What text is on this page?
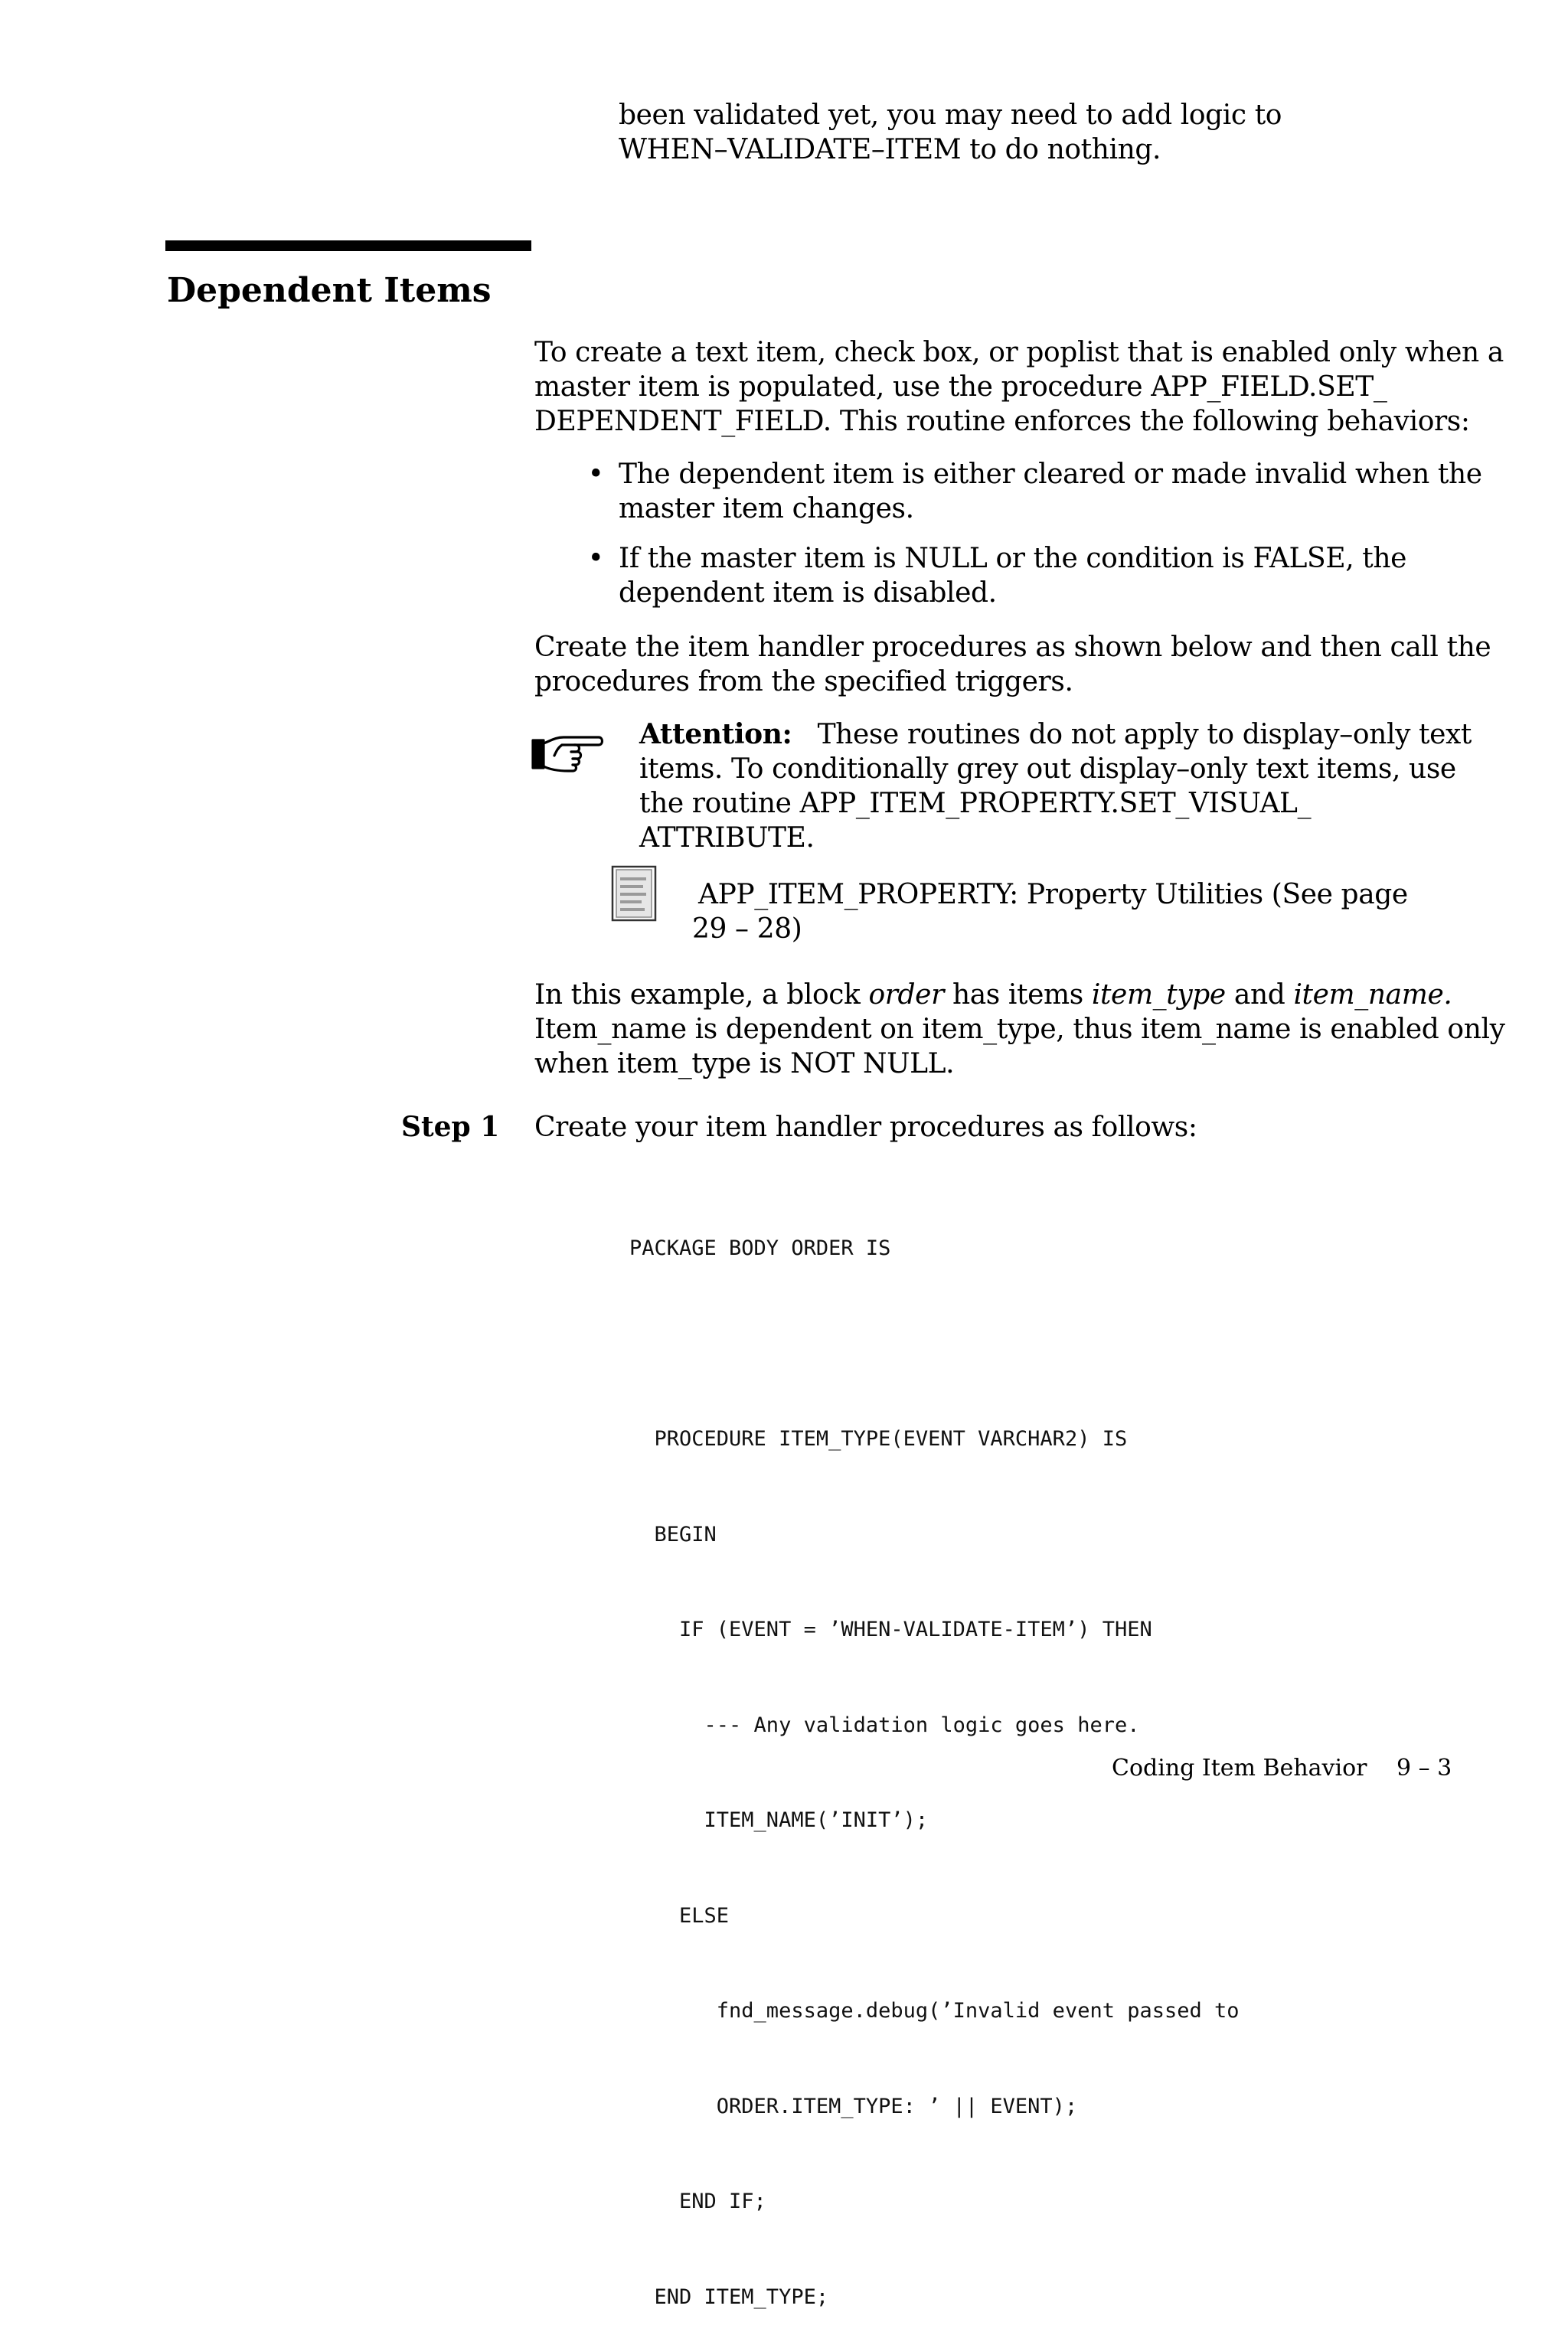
been validated yet, you may need to add logic to
WHEN–VALIDATE–ITEM to do nothing.
Dependent Items
To create a text item, check box, or poplist that is enabled only when a
master item is populated, use the procedure APP_FIELD.SET_
DEPENDENT_FIELD. This routine enforces the following behaviors:
• The dependent item is either cleared or made invalid when the
master item changes.
• If the master item is NULL or the condition is FALSE, the
dependent item is disabled.
Create the item handler procedures as shown below and then call the
procedures from the specified triggers.
Attention: These routines do not apply to display–only text
items. To conditionally grey out display–only text items, use
the routine APP_ITEM_PROPERTY.SET_VISUAL_
ATTRIBUTE.
APP_ITEM_PROPERTY: Property Utilities (See page
29 – 28)
In this example, a block order has items item_type and item_name.
Item_name is dependent on item_type, thus item_name is enabled only
when item_type is NOT NULL.
Step 1 Create your item handler procedures as follows:

PACKAGE BODY ORDER IS

PROCEDURE ITEM_TYPE(EVENT VARCHAR2) IS

BEGIN

IF (EVENT = ’WHEN-VALIDATE-ITEM’) THEN

--- Any validation logic goes here.

ITEM_NAME(’INIT’);

ELSE

fnd_message.debug(’Invalid event passed to

ORDER.ITEM_TYPE: ’ || EVENT);

END IF;

END ITEM_TYPE;

Coding Item Behavior 9 – 3
